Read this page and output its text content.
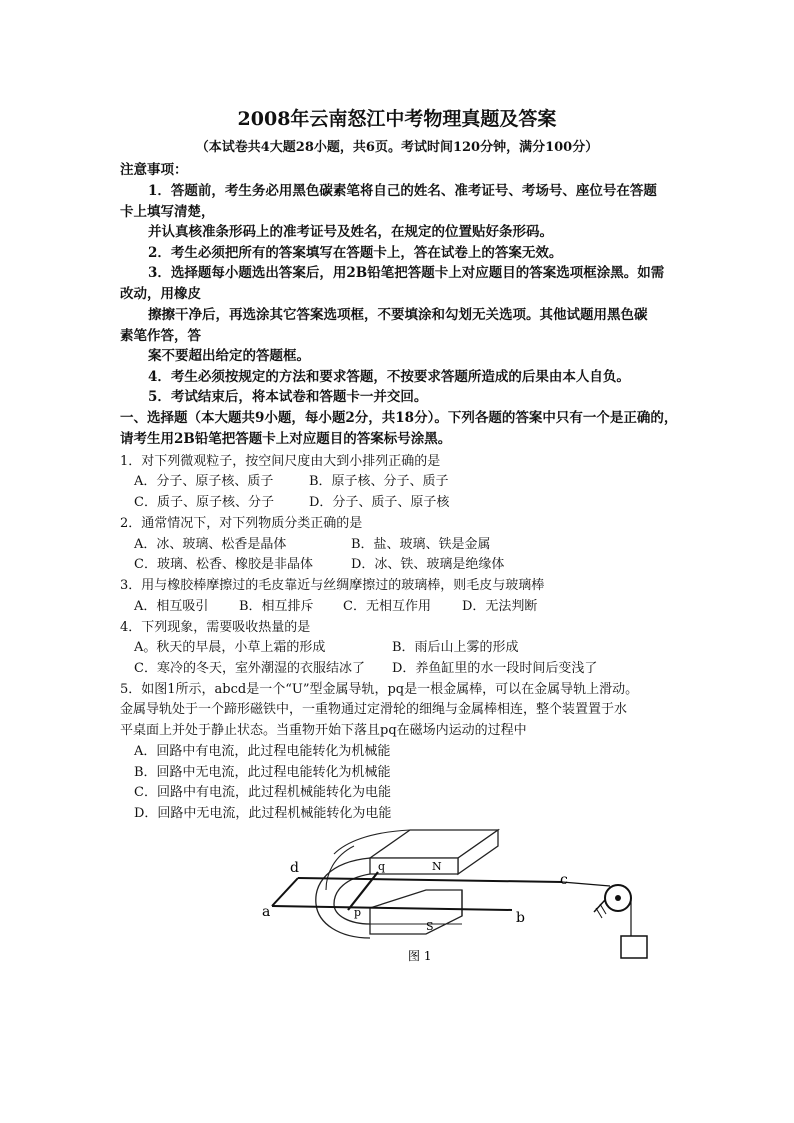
2008年云南怒江中考物理真题及答案
（本试卷共4大题28小题，共6页。考试时间120分钟，满分100分）
注意事项：
1．答题前，考生务必用黑色碳素笔将自己的姓名、准考证号、考场号、座位号在答题
卡上填写清楚，
并认真核准条形码上的准考证号及姓名，在规定的位置贴好条形码。
2．考生必须把所有的答案填写在答题卡上，答在试卷上的答案无效。
3．选择题每小题选出答案后，用2B铅笔把答题卡上对应题目的答案选项框涂黑。如需
改动，用橡皮
擦擦干净后，再选涂其它答案选项框，不要填涂和勾划无关选项。其他试题用黑色碳
素笔作答，答
案不要超出给定的答题框。
4．考生必须按规定的方法和要求答题，不按要求答题所造成的后果由本人自负。
5．考试结束后，将本试卷和答题卡一并交回。
一、选择题（本大题共9小题，每小题2分，共18分）。下列各题的答案中只有一个是正确的，
请考生用2B铅笔把答题卡上对应题目的答案标号涂黑。
1．对下列微观粒子，按空间尺度由大到小排列正确的是
A．分子、原子核、质子	B．原子核、分子、质子
C．质子、原子核、分子	D．分子、质子、原子核
2．通常情况下，对下列物质分类正确的是
A．冰、玻璃、松香是晶体	B．盐、玻璃、铁是金属
C．玻璃、松香、橡胶是非晶体	D．冰、铁、玻璃是绝缘体
3．用与橡胶棒摩擦过的毛皮靠近与丝绸摩擦过的玻璃棒，则毛皮与玻璃棒
A．相互吸引 B．相互排斥 C．无相互作用 D．无法判断
4．下列现象，需要吸收热量的是
A。秋天的早晨，小草上霜的形成	B．雨后山上雾的形成
C．寒冷的冬天，室外潮湿的衣服结冰了 D．养鱼缸里的水一段时间后变浅了
5．如图1所示，abcd是一个“U”型金属导轨，pq是一根金属棒，可以在金属导轨上滑动。
金属导轨处于一个蹄形磁铁中，一重物通过定滑轮的细绳与金属棒相连，整个装置置于水
平桌面上并处于静止状态。当重物开始下落且pq在磁场内运动的过程中
A．回路中有电流，此过程电能转化为机械能
B．回路中无电流，此过程电能转化为机械能
C．回路中有电流，此过程机械能转化为电能
D．回路中无电流，此过程机械能转化为电能
d
a
c
b
q
p
N
S
图 1
